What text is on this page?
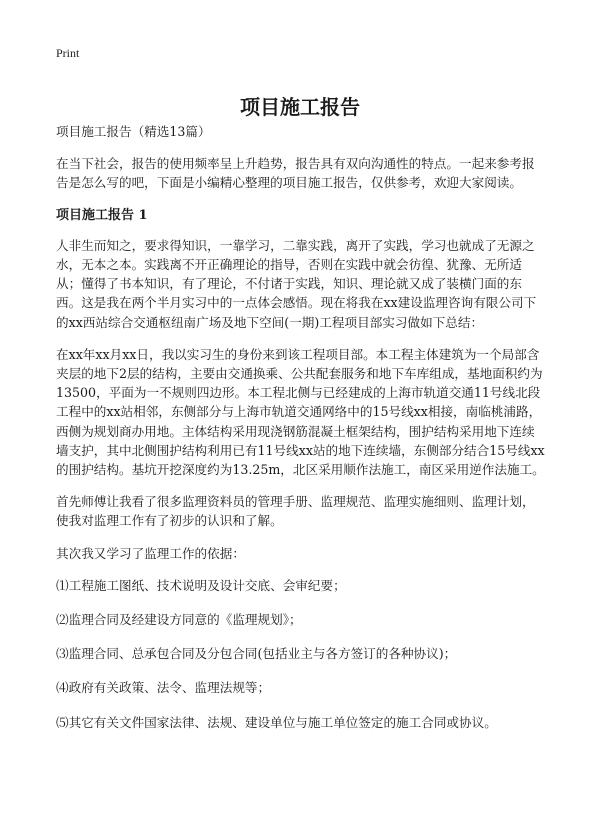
Print
项目施工报告

项目施工报告（精选13篇）

在当下社会，报告的使用频率呈上升趋势，报告具有双向沟通性的特点。一起来参考报告是怎么写的吧，下面是小编精心整理的项目施工报告，仅供参考，欢迎大家阅读。

项目施工报告 1

人非生而知之，要求得知识，一靠学习，二靠实践，离开了实践，学习也就成了无源之水，无本之本。实践离不开正确理论的指导，否则在实践中就会彷徨、犹豫、无所适从；懂得了书本知识，有了理论，不付诸于实践，知识、理论就又成了装横门面的东西。这是我在两个半月实习中的一点体会感悟。现在将我在xx建设监理咨询有限公司下的xx西站综合交通枢纽南广场及地下空间(一期)工程项目部实习做如下总结：

在xx年xx月xx日，我以实习生的身份来到该工程项目部。本工程主体建筑为一个局部含夹层的地下2层的结构，主要由交通换乘、公共配套服务和地下车库组成，基地面积约为13500，平面为一不规则四边形。本工程北侧与已经建成的上海市轨道交通11号线北段工程中的xx站相邻，东侧部分与上海市轨道交通网络中的15号线xx相接，南临桃浦路，西侧为规划商办用地。主体结构采用现浇钢筋混凝土框架结构，围护结构采用地下连续墙支护，其中北侧围护结构利用已有11号线xx站的地下连续墙，东侧部分结合15号线xx的围护结构。基坑开挖深度约为13.25m，北区采用顺作法施工，南区采用逆作法施工。

首先师傅让我看了很多监理资料员的管理手册、监理规范、监理实施细则、监理计划，使我对监理工作有了初步的认识和了解。

其次我又学习了监理工作的依据：

⑴工程施工图纸、技术说明及设计交底、会审纪要；

⑵监理合同及经建设方同意的《监理规划》；

⑶监理合同、总承包合同及分包合同(包括业主与各方签订的各种协议)；

⑷政府有关政策、法令、监理法规等；

⑸其它有关文件国家法律、法规、建设单位与施工单位签定的施工合同或协议。
